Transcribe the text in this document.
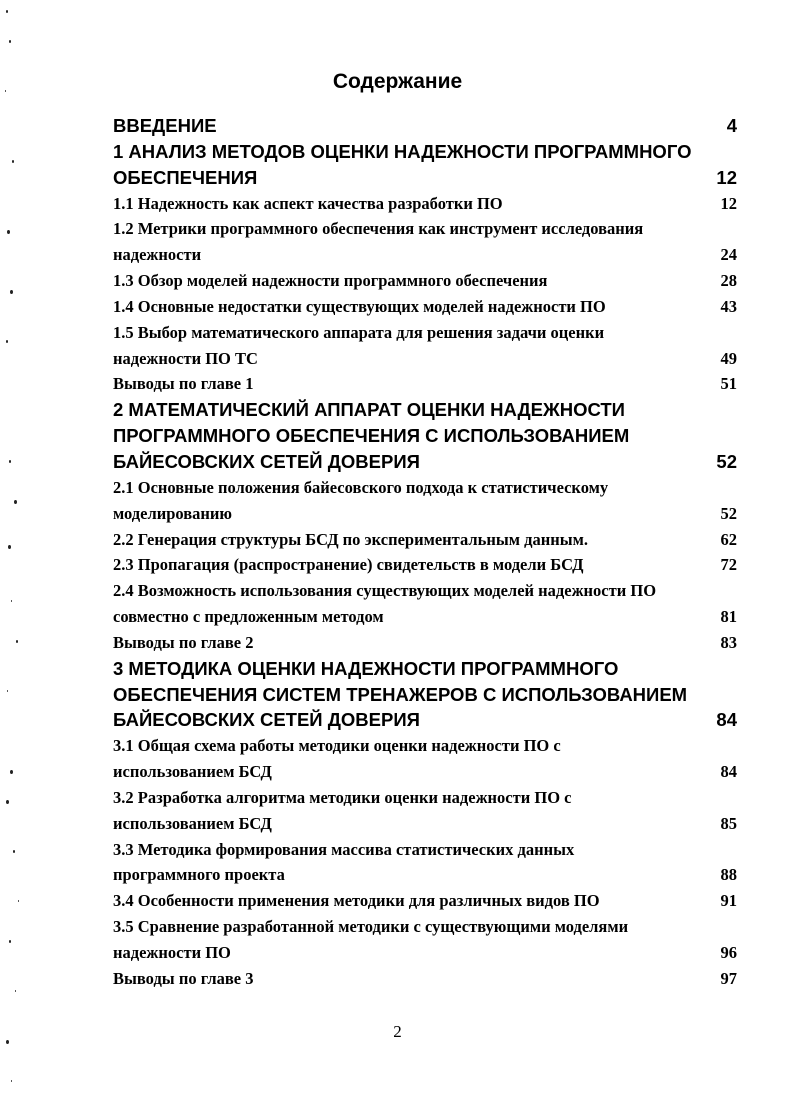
Содержание
ВВЕДЕНИЕ	4
1 АНАЛИЗ МЕТОДОВ ОЦЕНКИ НАДЕЖНОСТИ ПРОГРАММНОГО
ОБЕСПЕЧЕНИЯ	12
1.1 Надежность как аспект качества разработки ПО	12
1.2 Метрики программного обеспечения как инструмент исследования
надежности	24
1.3 Обзор моделей надежности программного обеспечения	28
1.4 Основные недостатки существующих моделей надежности ПО	43
1.5 Выбор математического аппарата для решения задачи оценки
надежности ПО ТС	49
Выводы по главе 1	51
2 МАТЕМАТИЧЕСКИЙ АППАРАТ ОЦЕНКИ НАДЕЖНОСТИ
ПРОГРАММНОГО ОБЕСПЕЧЕНИЯ С ИСПОЛЬЗОВАНИЕМ
БАЙЕСОВСКИХ СЕТЕЙ ДОВЕРИЯ	52
2.1 Основные положения байесовского подхода к статистическому
моделированию	52
2.2 Генерация структуры БСД по экспериментальным данным.	62
2.3 Пропагация (распространение) свидетельств в модели БСД	72
2.4 Возможность использования существующих моделей надежности ПО
совместно с предложенным методом	81
Выводы по главе 2	83
3 МЕТОДИКА ОЦЕНКИ НАДЕЖНОСТИ ПРОГРАММНОГО
ОБЕСПЕЧЕНИЯ СИСТЕМ ТРЕНАЖЕРОВ С ИСПОЛЬЗОВАНИЕМ
БАЙЕСОВСКИХ СЕТЕЙ ДОВЕРИЯ	84
3.1 Общая схема работы методики оценки надежности ПО с
использованием БСД	84
3.2 Разработка алгоритма методики оценки надежности ПО с
использованием БСД	85
3.3 Методика формирования массива статистических данных
программного проекта	88
3.4 Особенности применения методики для различных видов ПО	91
3.5 Сравнение разработанной методики с существующими моделями
надежности ПО	96
Выводы по главе 3	97
2
